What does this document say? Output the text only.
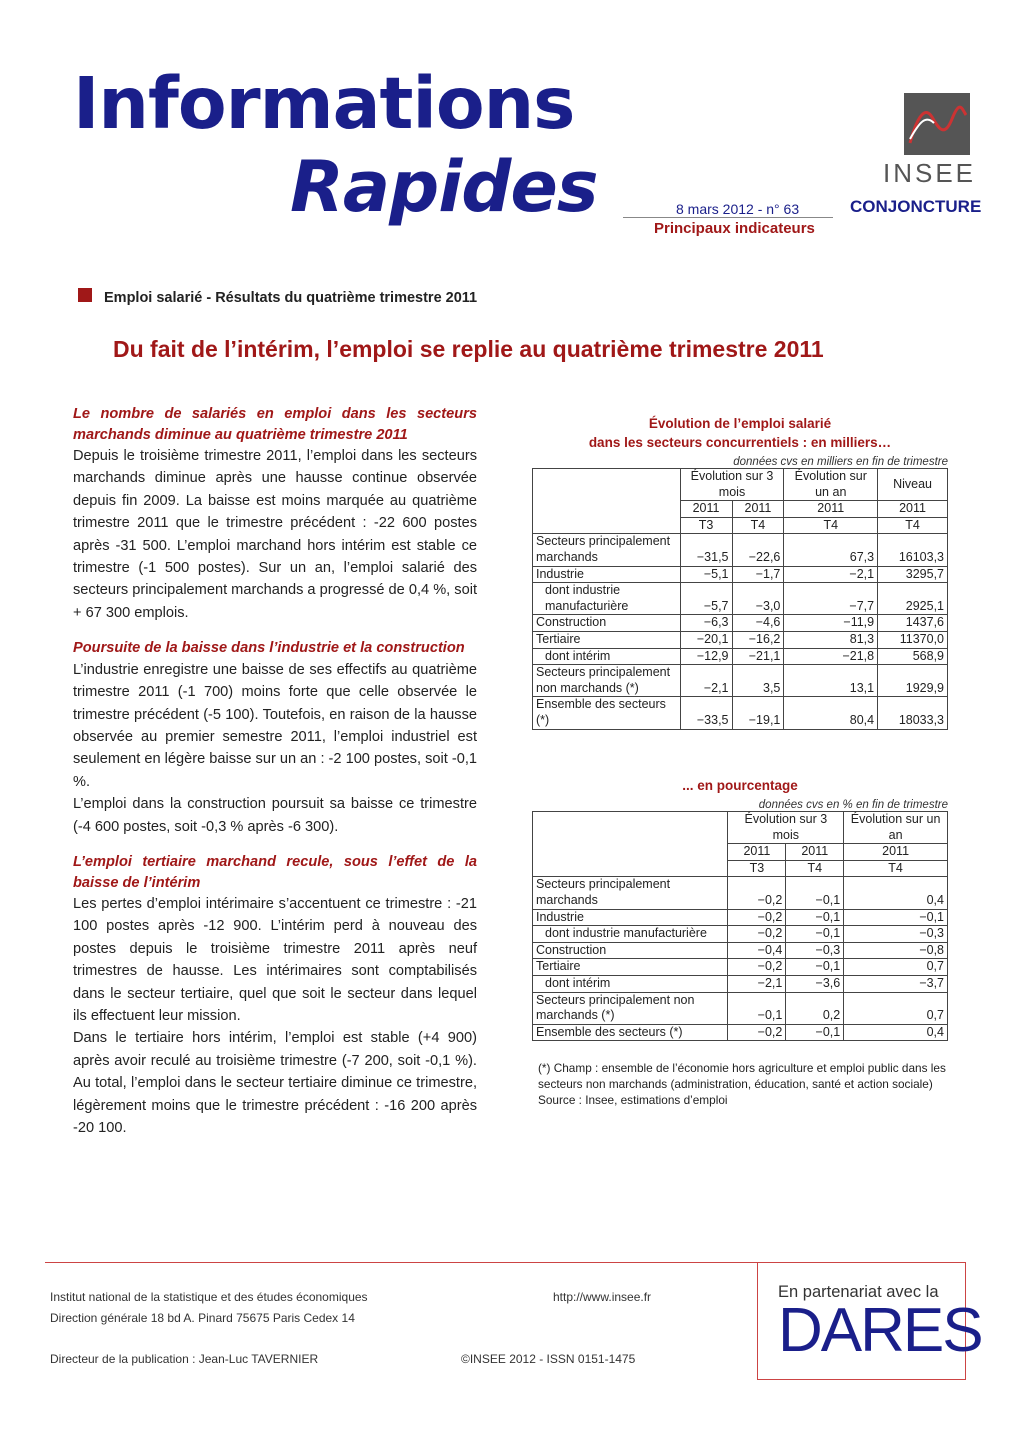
Informations
Rapides	8 mars 2012 - n° 63
Principaux indicateurs
INSEE
CONJONCTURE
Emploi salarié - Résultats du quatrième trimestre 2011
Du fait de l’intérim, l’emploi se replie au quatrième trimestre 2011
Le nombre de salariés en emploi dans les secteurs marchands diminue au quatrième trimestre 2011

Depuis le troisième trimestre 2011, l’emploi dans les secteurs marchands diminue après une hausse continue observée depuis fin 2009. La baisse est moins marquée au quatrième trimestre 2011 que le trimestre précédent : -22 600 postes après -31 500. L’emploi marchand hors intérim est stable ce trimestre (-1 500 postes). Sur un an, l’emploi salarié des secteurs principalement marchands a progressé de 0,4 %, soit + 67 300 emplois.

Poursuite de la baisse dans l’industrie et la construction

L’industrie enregistre une baisse de ses effectifs au quatrième trimestre 2011 (-1 700) moins forte que celle observée le trimestre précédent (-5 100). Toutefois, en raison de la hausse observée au premier semestre 2011, l’emploi industriel est seulement en légère baisse sur un an : -2 100 postes, soit -0,1 %.

L’emploi dans la construction poursuit sa baisse ce trimestre (-4 600 postes, soit -0,3 % après -6 300).

L’emploi tertiaire marchand recule, sous l’effet de la baisse de l’intérim

Les pertes d’emploi intérimaire s’accentuent ce trimestre : -21 100 postes après -12 900. L’intérim perd à nouveau des postes depuis le troisième trimestre 2011 après neuf trimestres de hausse. Les intérimaires sont comptabilisés dans le secteur tertiaire, quel que soit le secteur dans lequel ils effectuent leur mission.

Dans le tertiaire hors intérim, l’emploi est stable (+4 900) après avoir reculé au troisième trimestre (-7 200, soit -0,1 %). Au total, l’emploi dans le secteur tertiaire diminue ce trimestre, légèrement moins que le trimestre précédent : -16 200 après -20 100.

Évolution de l’emploi salarié
dans les secteurs concurrentiels : en milliers…
données cvs en milliers en fin de trimestre
	Évolution sur 3 mois		Évolution sur un an	Niveau
	2011	2011	2011	2011
	T3	T4	T4	T4
Secteurs principalement marchands	−31,5	−22,6	67,3	16103,3
Industrie	−5,1	−1,7	−2,1	3295,7
dont industrie manufacturière	−5,7	−3,0	−7,7	2925,1
Construction	−6,3	−4,6	−11,9	1437,6
Tertiaire	−20,1	−16,2	81,3	11370,0
dont intérim	−12,9	−21,1	−21,8	568,9
Secteurs principalement non marchands (*)	−2,1	3,5	13,1	1929,9
Ensemble des secteurs (*)	−33,5	−19,1	80,4	18033,3
... en pourcentage
données cvs en % en fin de trimestre
	Évolution sur 3 mois		Évolution sur un an
	2011	2011	2011
	T3	T4	T4
Secteurs principalement marchands	−0,2	−0,1	0,4
Industrie	−0,2	−0,1	−0,1
dont industrie manufacturière	−0,2	−0,1	−0,3
Construction	−0,4	−0,3	−0,8
Tertiaire	−0,2	−0,1	0,7
dont intérim	−2,1	−3,6	−3,7
Secteurs principalement non marchands (*)	−0,1	0,2	0,7
Ensemble des secteurs (*)	−0,2	−0,1	0,4
(*) Champ : ensemble de l’économie hors agriculture et emploi public dans les secteurs non marchands (administration, éducation, santé et action sociale)
Source : Insee, estimations d’emploi
Institut national de la statistique et des études économiques
Direction générale 18 bd A. Pinard 75675 Paris Cedex 14
Directeur de la publication : Jean-Luc TAVERNIER
http://www.insee.fr
©INSEE 2012 - ISSN 0151-1475
En partenariat avec la
DARES
